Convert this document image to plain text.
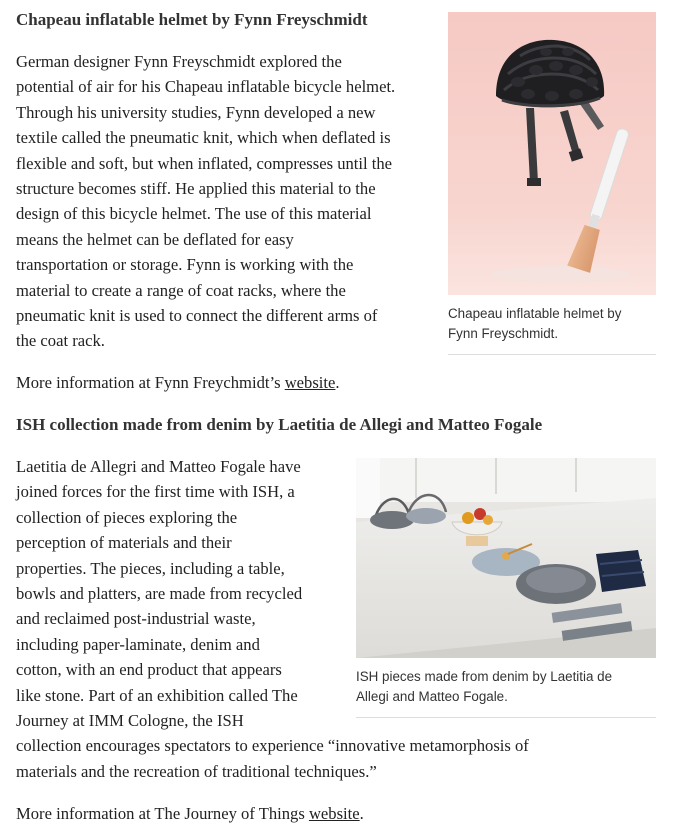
Chapeau inflatable helmet by Fynn Freyschmidt
German designer Fynn Freyschmidt explored the
potential of air for his Chapeau inflatable bicycle helmet.
Through his university studies, Fynn developed a new
textile called the pneumatic knit, which when deflated is
flexible and soft, but when inflated, compresses until the
structure becomes stiff. He applied this material to the
design of this bicycle helmet. The use of this material
means the helmet can be deflated for easy
transportation or storage. Fynn is working with the
material to create a range of coat racks, where the
pneumatic knit is used to connect the different arms of
the coat rack.
Chapeau inflatable helmet by
Fynn Freyschmidt.

More information at Fynn Freychmidt’s website.

ISH collection made from denim by Laetitia de Allegi and Matteo Fogale
Laetitia de Allegri and Matteo Fogale have
joined forces for the first time with ISH, a
collection of pieces exploring the
perception of materials and their
properties. The pieces, including a table,
bowls and platters, are made from recycled
and reclaimed post-industrial waste,
including paper-laminate, denim and
cotton, with an end product that appears
like stone. Part of an exhibition called The
Journey at IMM Cologne, the ISH
collection encourages spectators to experience “innovative metamorphosis of
materials and the recreation of traditional techniques.”
ISH pieces made from denim by Laetitia de
Allegi and Matteo Fogale.

More information at The Journey of Things website.
